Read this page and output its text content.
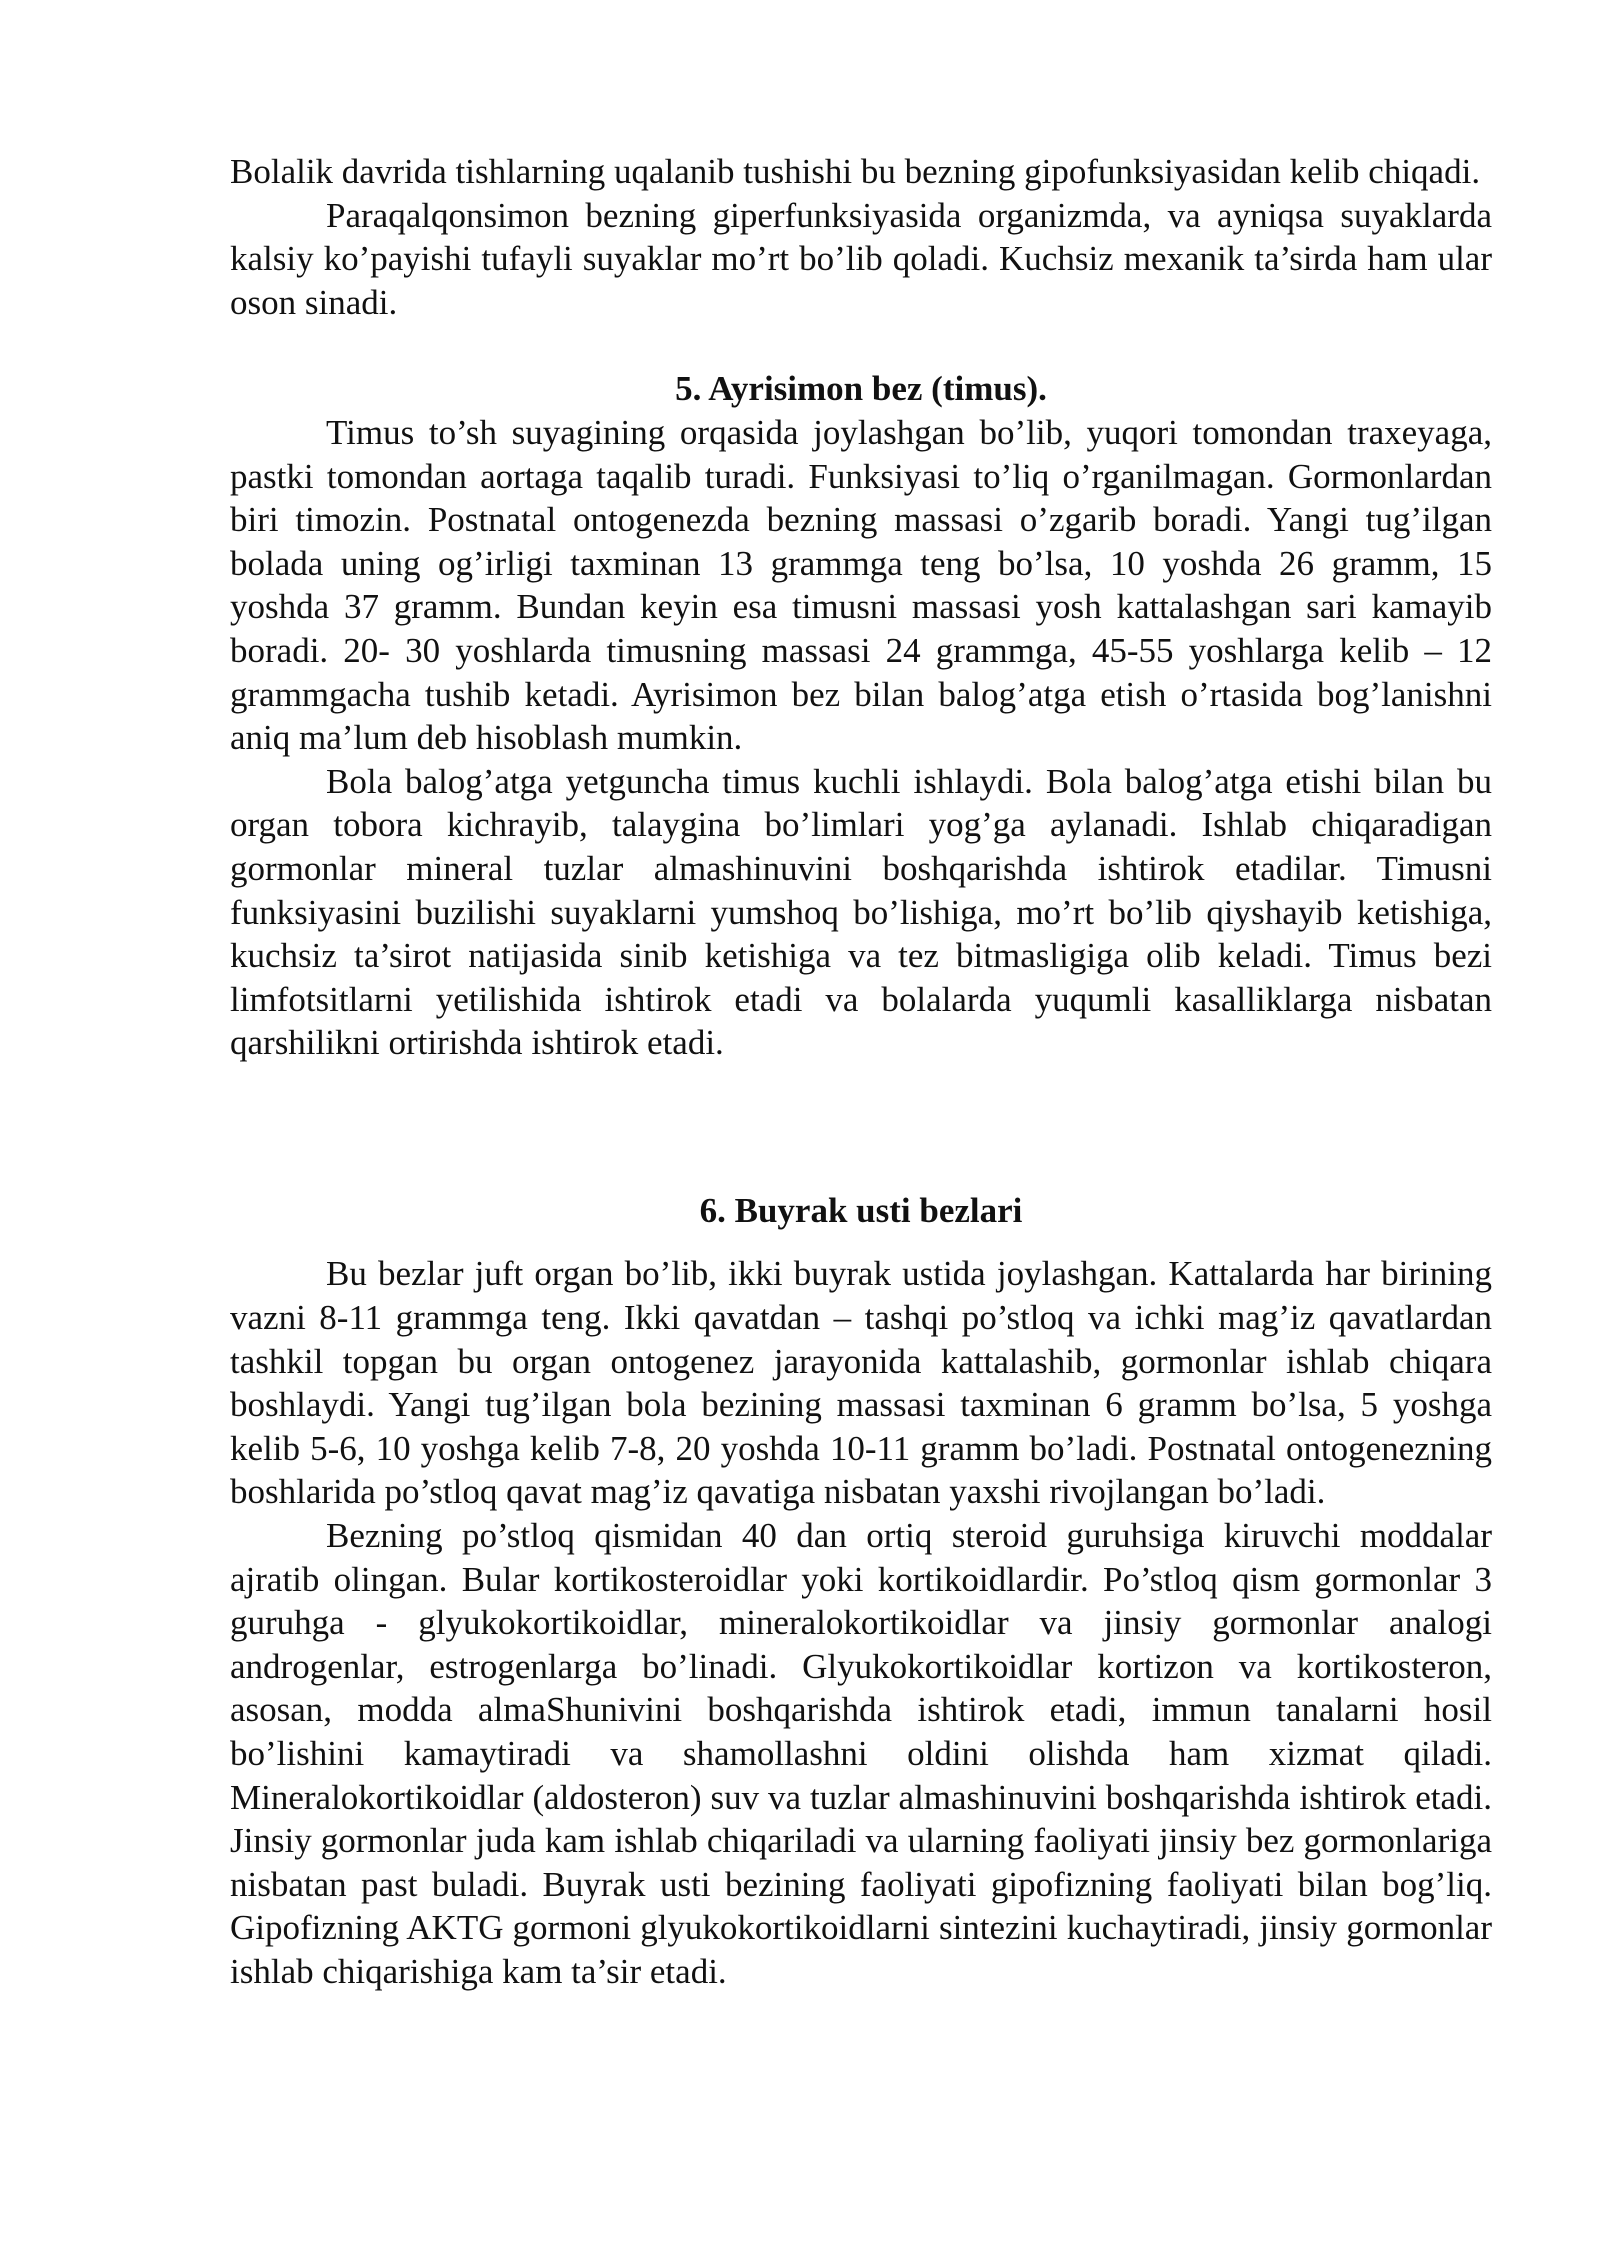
Bolalik davrida tishlarning uqalanib tushishi bu bezning gipofunksiyasidan kelib chiqadi.

Paraqalqonsimon bezning giperfunksiyasida organizmda, va ayniqsa suyaklarda kalsiy ko’payishi tufayli suyaklar mo’rt bo’lib qoladi. Kuchsiz mexanik ta’sirda ham ular oson sinadi.

5. Ayrisimon bez (timus).

Timus to’sh suyagining orqasida joylashgan bo’lib, yuqori tomondan traxeyaga, pastki tomondan aortaga taqalib turadi. Funksiyasi to’liq o’rganilmagan. Gormonlardan biri timozin. Postnatal ontogenezda bezning massasi o’zgarib boradi. Yangi tug’ilgan bolada uning og’irligi taxminan 13 grammga teng bo’lsa, 10 yoshda 26 gramm, 15 yoshda 37 gramm. Bundan keyin esa timusni massasi yosh kattalashgan sari kamayib boradi. 20- 30 yoshlarda timusning massasi 24 grammga, 45-55 yoshlarga kelib – 12 grammgacha tushib ketadi. Ayrisimon bez bilan balog’atga etish o’rtasida bog’lanishni aniq ma’lum deb hisoblash mumkin.

Bola balog’atga yetguncha timus kuchli ishlaydi. Bola balog’atga etishi bilan bu organ tobora kichrayib, talaygina bo’limlari yog’ga aylanadi. Ishlab chiqaradigan gormonlar mineral tuzlar almashinuvini boshqarishda ishtirok etadilar. Timusni funksiyasini buzilishi suyaklarni yumshoq bo’lishiga, mo’rt bo’lib qiyshayib ketishiga, kuchsiz ta’sirot natijasida sinib ketishiga va tez bitmasligiga olib keladi. Timus bezi limfotsitlarni yetilishida ishtirok etadi va bolalarda yuqumli kasalliklarga nisbatan qarshilikni ortirishda ishtirok etadi.

6. Buyrak usti bezlari

Bu bezlar juft organ bo’lib, ikki buyrak ustida joylashgan. Kattalarda har birining vazni 8-11 grammga teng. Ikki qavatdan – tashqi po’stloq va ichki mag’iz qavatlardan tashkil topgan bu organ ontogenez jarayonida kattalashib, gormonlar ishlab chiqara boshlaydi. Yangi tug’ilgan bola bezining massasi taxminan 6 gramm bo’lsa, 5 yoshga kelib 5-6, 10 yoshga kelib 7-8, 20 yoshda 10-11 gramm bo’ladi. Postnatal ontogenezning boshlarida po’stloq qavat mag’iz qavatiga nisbatan yaxshi rivojlangan bo’ladi.

Bezning po’stloq qismidan 40 dan ortiq steroid guruhsiga kiruvchi moddalar ajratib olingan. Bular kortikosteroidlar yoki kortikoidlardir. Po’stloq qism gormonlar 3 guruhga - glyukokortikoidlar, mineralokortikoidlar va jinsiy gormonlar analogi androgenlar, estrogenlarga bo’linadi. Glyukokortikoidlar kortizon va kortikosteron, asosan, modda almaShunivini boshqarishda ishtirok etadi, immun tanalarni hosil bo’lishini kamaytiradi va shamollashni oldini olishda ham xizmat qiladi. Mineralokortikoidlar (aldosteron) suv va tuzlar almashinuvini boshqarishda ishtirok etadi. Jinsiy gormonlar juda kam ishlab chiqariladi va ularning faoliyati jinsiy bez gormonlariga nisbatan past buladi. Buyrak usti bezining faoliyati gipofizning faoliyati bilan bog’liq. Gipofizning AKTG gormoni glyukokortikoidlarni sintezini kuchaytiradi, jinsiy gormonlar ishlab chiqarishiga kam ta’sir etadi.
